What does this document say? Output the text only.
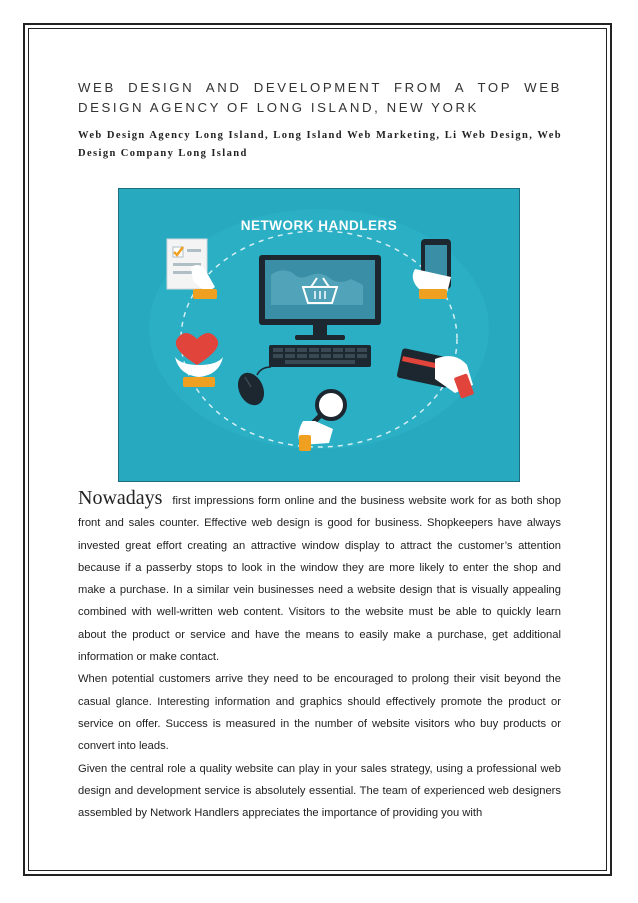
WEB DESIGN AND DEVELOPMENT FROM A TOP WEB DESIGN AGENCY OF LONG ISLAND, NEW YORK
Web Design Agency Long Island, Long Island Web Marketing, Li Web Design, Web Design Company Long Island
NETWORK HANDLERS

Nowadays first impressions form online and the business website work for as both shop front and sales counter. Effective web design is good for business. Shopkeepers have always invested great effort creating an attractive window display to attract the customer’s attention because if a passerby stops to look in the window they are more likely to enter the shop and make a purchase. In a similar vein businesses need a website design that is visually appealing combined with well-written web content. Visitors to the website must be able to quickly learn about the product or service and have the means to easily make a purchase, get additional information or make contact.

When potential customers arrive they need to be encouraged to prolong their visit beyond the casual glance. Interesting information and graphics should effectively promote the product or service on offer. Success is measured in the number of website visitors who buy products or convert into leads.

Given the central role a quality website can play in your sales strategy, using a professional web design and development service is absolutely essential. The team of experienced web designers assembled by Network Handlers appreciates the importance of providing you with
